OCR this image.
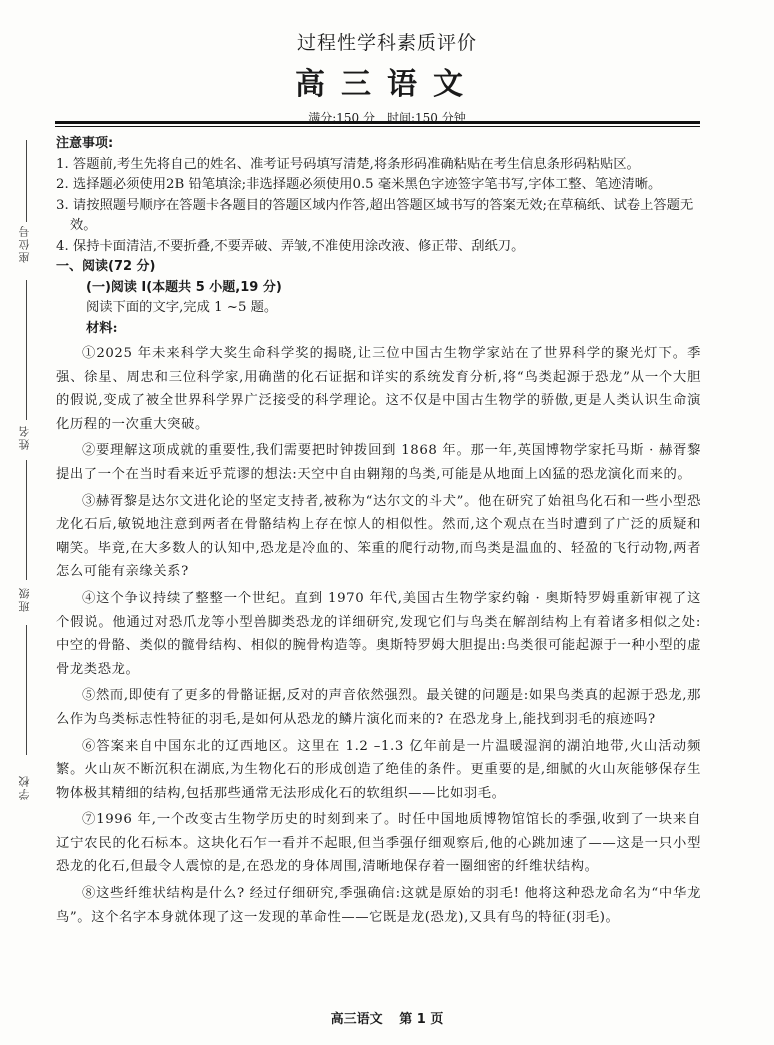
座位号
姓名
班级
学校
过程性学科素质评价
高三语文
满分:150 分　时间:150 分钟
注意事项:
1. 答题前,考生先将自己的姓名、准考证号码填写清楚,将条形码准确粘贴在考生信息条形码粘贴区。
2. 选择题必须使用2B 铅笔填涂;非选择题必须使用0.5 毫米黑色字迹签字笔书写,字体工整、笔迹清晰。
3. 请按照题号顺序在答题卡各题目的答题区域内作答,超出答题区域书写的答案无效;在草稿纸、试卷上答题无效。
4. 保持卡面清洁,不要折叠,不要弄破、弄皱,不准使用涂改液、修正带、刮纸刀。
一、阅读(72 分)
(一)阅读 Ⅰ(本题共 5 小题,19 分)
阅读下面的文字,完成 1 ~5 题。
材料:
①2025 年未来科学大奖生命科学奖的揭晓,让三位中国古生物学家站在了世界科学的聚光灯下。季强、徐星、周忠和三位科学家,用确凿的化石证据和详实的系统发育分析,将“鸟类起源于恐龙”从一个大胆的假说,变成了被全世界科学界广泛接受的科学理论。这不仅是中国古生物学的骄傲,更是人类认识生命演化历程的一次重大突破。
②要理解这项成就的重要性,我们需要把时钟拨回到 1868 年。那一年,英国博物学家托马斯 · 赫胥黎提出了一个在当时看来近乎荒谬的想法:天空中自由翱翔的鸟类,可能是从地面上凶猛的恐龙演化而来的。
③赫胥黎是达尔文进化论的坚定支持者,被称为“达尔文的斗犬”。他在研究了始祖鸟化石和一些小型恐龙化石后,敏锐地注意到两者在骨骼结构上存在惊人的相似性。然而,这个观点在当时遭到了广泛的质疑和嘲笑。毕竟,在大多数人的认知中,恐龙是冷血的、笨重的爬行动物,而鸟类是温血的、轻盈的飞行动物,两者怎么可能有亲缘关系?
④这个争议持续了整整一个世纪。直到 1970 年代,美国古生物学家约翰 · 奥斯特罗姆重新审视了这个假说。他通过对恐爪龙等小型兽脚类恐龙的详细研究,发现它们与鸟类在解剖结构上有着诸多相似之处:中空的骨骼、类似的髋骨结构、相似的腕骨构造等。奥斯特罗姆大胆提出:鸟类很可能起源于一种小型的虚骨龙类恐龙。
⑤然而,即使有了更多的骨骼证据,反对的声音依然强烈。最关键的问题是:如果鸟类真的起源于恐龙,那么作为鸟类标志性特征的羽毛,是如何从恐龙的鳞片演化而来的? 在恐龙身上,能找到羽毛的痕迹吗?
⑥答案来自中国东北的辽西地区。这里在 1.2 –1.3 亿年前是一片温暖湿润的湖泊地带,火山活动频繁。火山灰不断沉积在湖底,为生物化石的形成创造了绝佳的条件。更重要的是,细腻的火山灰能够保存生物体极其精细的结构,包括那些通常无法形成化石的软组织——比如羽毛。
⑦1996 年,一个改变古生物学历史的时刻到来了。时任中国地质博物馆馆长的季强,收到了一块来自辽宁农民的化石标本。这块化石乍一看并不起眼,但当季强仔细观察后,他的心跳加速了——这是一只小型恐龙的化石,但最令人震惊的是,在恐龙的身体周围,清晰地保存着一圈细密的纤维状结构。
⑧这些纤维状结构是什么? 经过仔细研究,季强确信:这就是原始的羽毛! 他将这种恐龙命名为“中华龙鸟”。这个名字本身就体现了这一发现的革命性——它既是龙(恐龙),又具有鸟的特征(羽毛)。
高三语文 第 1 页
